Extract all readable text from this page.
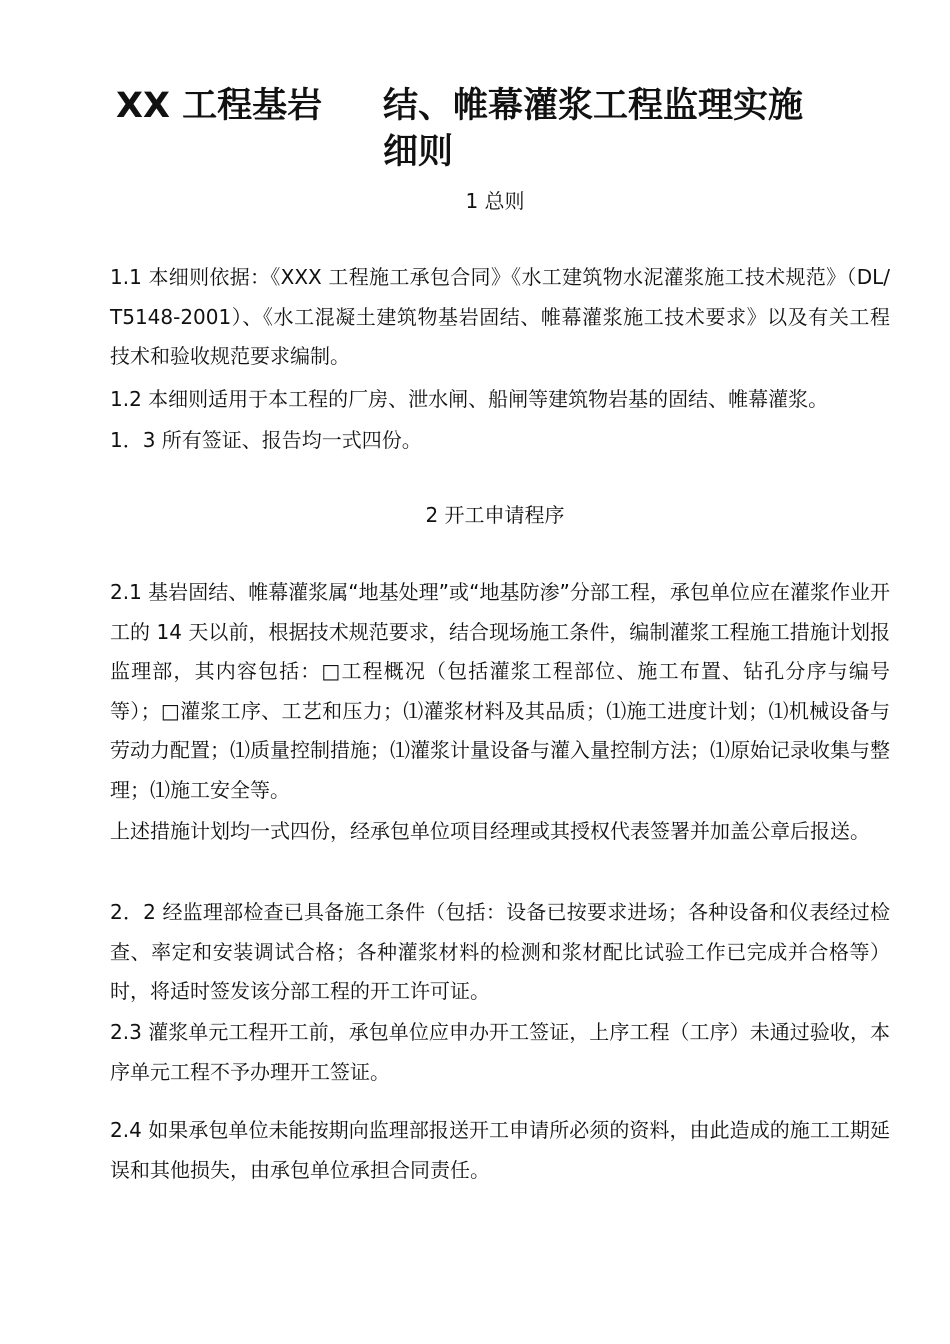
XX 工程基岩 结、帷幕灌浆工程监理实施
细则
1 总则
1.1 本细则依据：《XXX 工程施工承包合同》《水工建筑物水泥灌浆施工技术规范》（DL/T5148-2001）、《水工混凝土建筑物基岩固结、帷幕灌浆施工技术要求》以及有关工程技术和验收规范要求编制。
1.2 本细则适用于本工程的厂房、泄水闸、船闸等建筑物岩基的固结、帷幕灌浆。
1．3 所有签证、报告均一式四份。
2 开工申请程序
2.1 基岩固结、帷幕灌浆属“地基处理”或“地基防渗”分部工程，承包单位应在灌浆作业开工的 14 天以前，根据技术规范要求，结合现场施工条件，编制灌浆工程施工措施计划报监理部，其内容包括：□工程概况（包括灌浆工程部位、施工布置、钻孔分序与编号等）；□灌浆工序、工艺和压力；⑴灌浆材料及其品质；⑴施工进度计划；⑴机械设备与劳动力配置；⑴质量控制措施；⑴灌浆计量设备与灌入量控制方法；⑴原始记录收集与整理；⑴施工安全等。
上述措施计划均一式四份，经承包单位项目经理或其授权代表签署并加盖公章后报送。
2．2 经监理部检查已具备施工条件（包括：设备已按要求进场；各种设备和仪表经过检查、率定和安装调试合格；各种灌浆材料的检测和浆材配比试验工作已完成并合格等）时，将适时签发该分部工程的开工许可证。
2.3 灌浆单元工程开工前，承包单位应申办开工签证，上序工程（工序）未通过验收，本序单元工程不予办理开工签证。
2.4 如果承包单位未能按期向监理部报送开工申请所必须的资料，由此造成的施工工期延误和其他损失，由承包单位承担合同责任。
